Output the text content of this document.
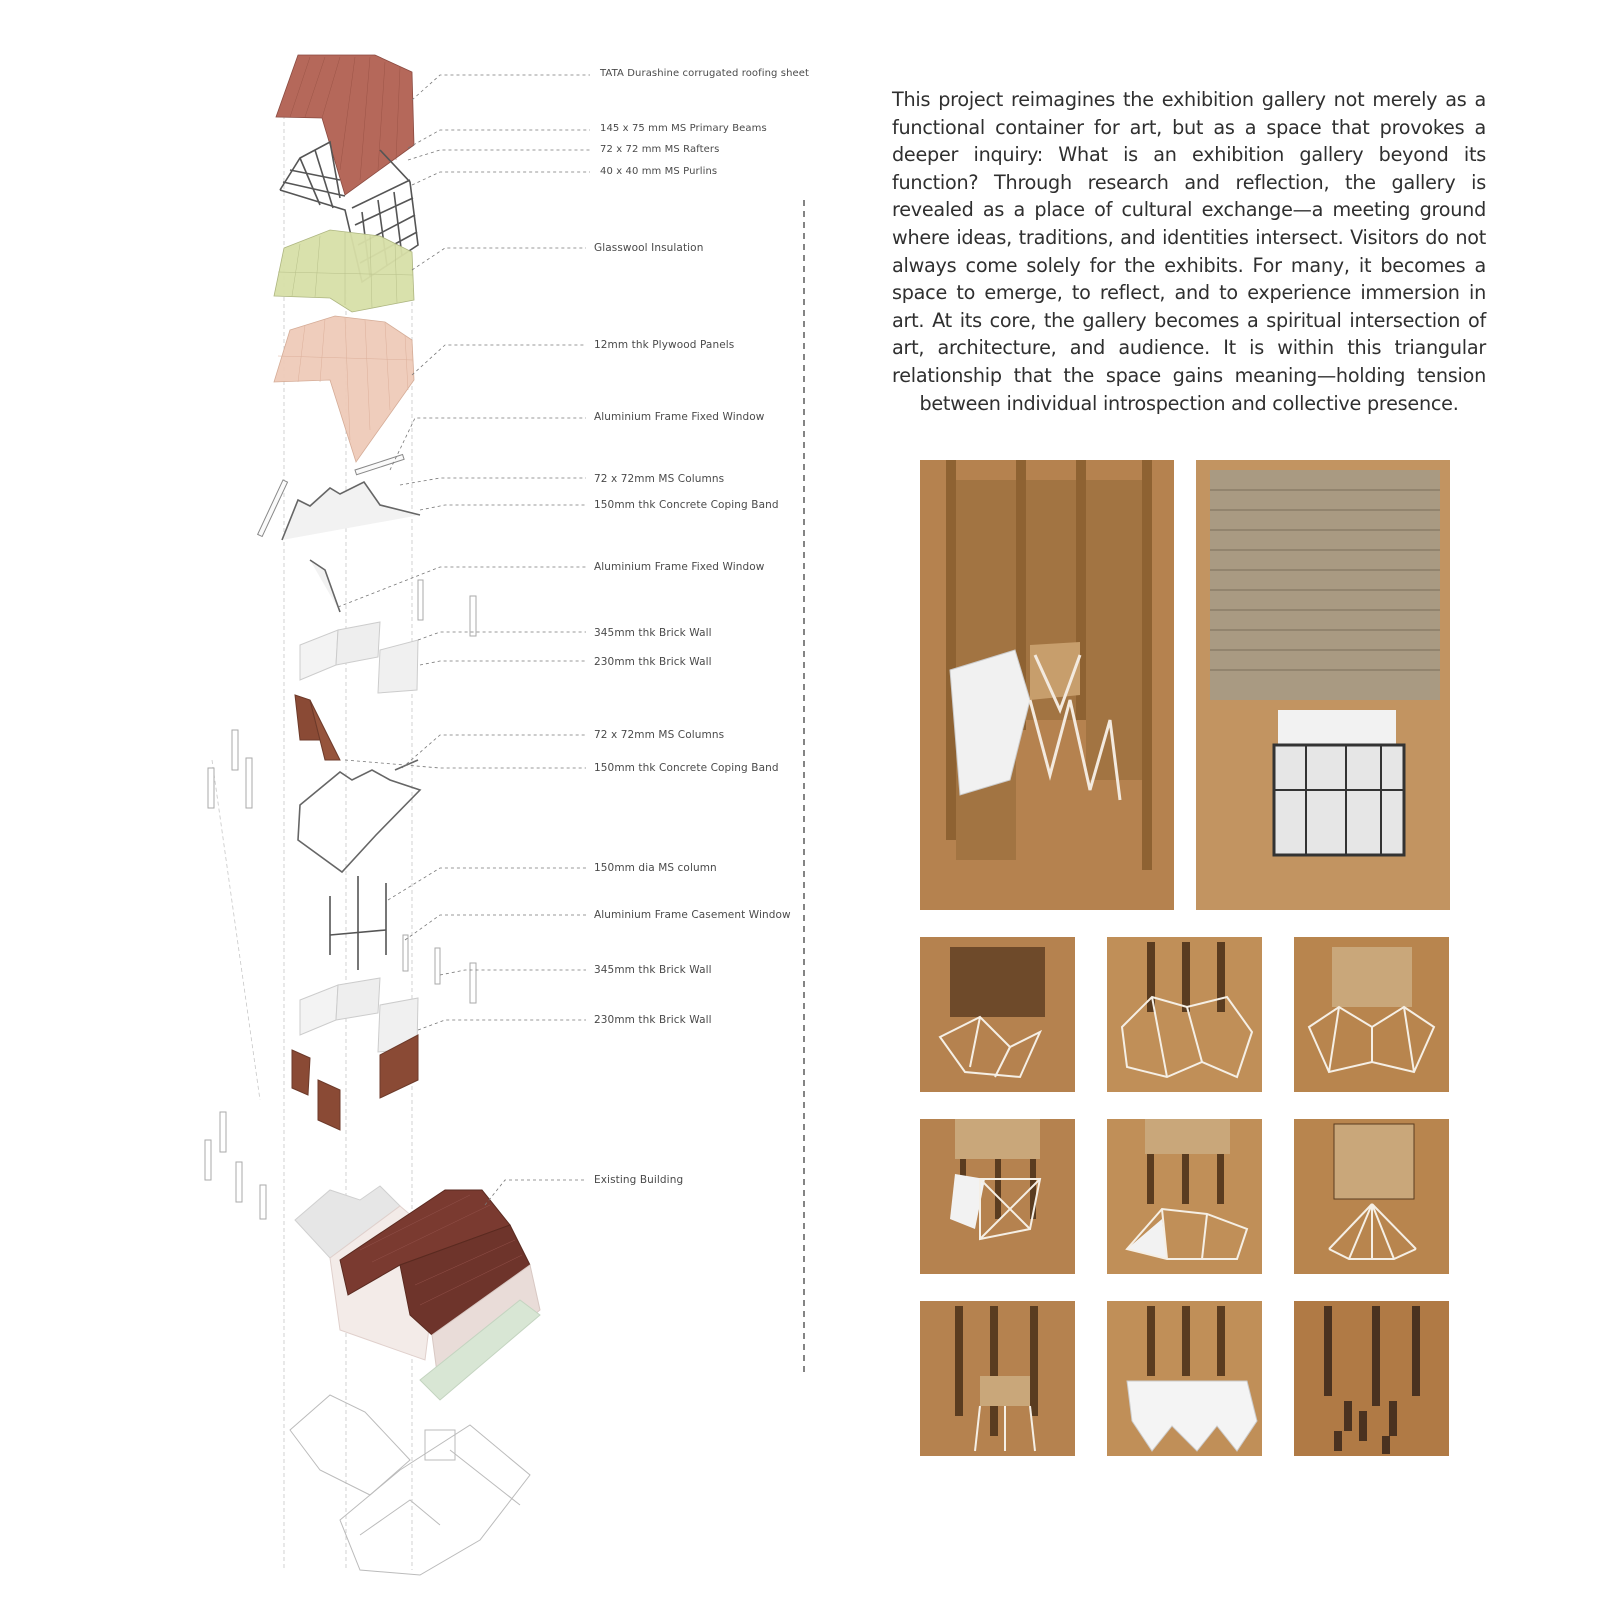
TATA Durashine corrugated roofing sheet
145 x 75 mm MS Primary Beams
72 x 72 mm MS Rafters
40 x 40 mm MS Purlins
Glasswool Insulation
12mm thk Plywood Panels
Aluminium Frame Fixed Window
72 x 72mm MS Columns
150mm thk Concrete Coping Band
Aluminium Frame Fixed Window
345mm thk Brick Wall
230mm thk Brick Wall
72 x 72mm MS Columns
150mm thk Concrete Coping Band
150mm dia MS column
Aluminium Frame Casement Window
345mm thk Brick Wall
230mm thk Brick Wall
Existing Building

This project reimagines the exhibition gallery not merely as a functional container for art, but as a space that provokes a deeper inquiry: What is an exhibition gallery beyond its function? Through research and reflection, the gallery is revealed as a place of cultural exchange—a meeting ground where ideas, traditions, and identities intersect. Visitors do not always come solely for the exhibits. For many, it becomes a space to emerge, to reflect, and to experience immersion in art. At its core, the gallery becomes a spiritual intersection of art, architecture, and audience. It is within this triangular relationship that the space gains meaning—holding tension between individual introspection and collective presence.
